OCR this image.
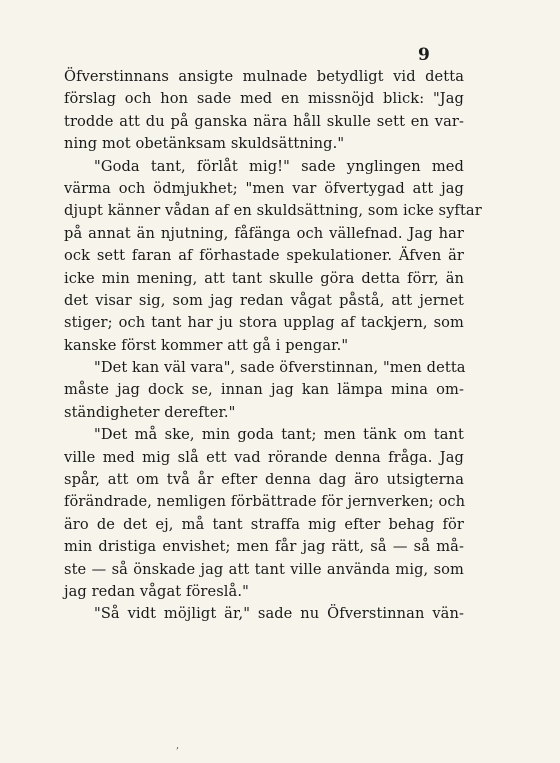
9
Öfverstinnans ansigte mulnade betydligt vid detta
förslag och hon sade med en missnöjd blick: "Jag
trodde att du på ganska nära håll skulle sett en var-
ning mot obetänksam skuldsättning."
"Goda tant, förlåt mig!" sade ynglingen med
värma och ödmjukhet; "men var öfvertygad att jag
djupt känner vådan af en skuldsättning, som icke syftar
på annat än njutning, fåfänga och vällefnad. Jag har
ock sett faran af förhastade spekulationer. Äfven är
icke min mening, att tant skulle göra detta förr, än
det visar sig, som jag redan vågat påstå, att jernet
stiger; och tant har ju stora upplag af tackjern, som
kanske först kommer att gå i pengar."
"Det kan väl vara", sade öfverstinnan, "men detta
måste jag dock se, innan jag kan lämpa mina om-
ständigheter derefter."
"Det må ske, min goda tant; men tänk om tant
ville med mig slå ett vad rörande denna fråga. Jag
spår, att om två år efter denna dag äro utsigterna
förändrade, nemligen förbättrade för jernverken; och
äro de det ej, må tant straffa mig efter behag för
min dristiga envishet; men får jag rätt, så — så må-
ste — så önskade jag att tant ville använda mig, som
jag redan vågat föreslå."
"Så vidt möjligt är," sade nu Öfverstinnan vän-
,
